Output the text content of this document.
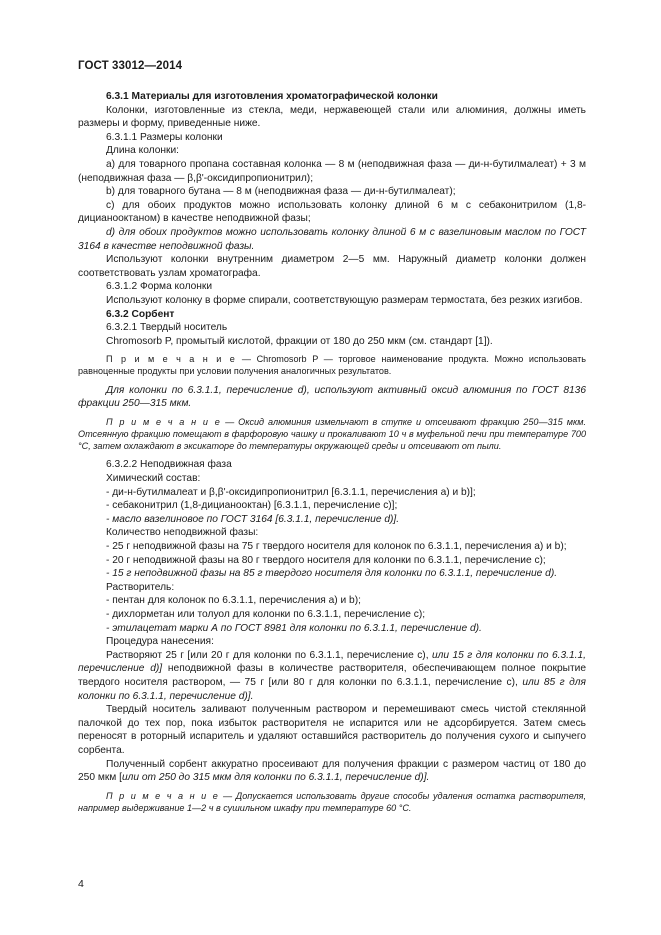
ГОСТ 33012—2014

6.3.1 Материалы для изготовления хроматографической колонки

Колонки, изготовленные из стекла, меди, нержавеющей стали или алюминия, должны иметь размеры и форму, приведенные ниже.

6.3.1.1 Размеры колонки

Длина колонки:

a) для товарного пропана составная колонка — 8 м (неподвижная фаза — ди-н-бутилмалеат) + 3 м (неподвижная фаза — β,β'-оксидипропионитрил);

b) для товарного бутана — 8 м (неподвижная фаза — ди-н-бутилмалеат);

c) для обоих продуктов можно использовать колонку длиной 6 м с себаконитрилом (1,8-дицианооктаном) в качестве неподвижной фазы;

d) для обоих продуктов можно использовать колонку длиной 6 м с вазелиновым маслом по ГОСТ 3164 в качестве неподвижной фазы.

Используют колонки внутренним диаметром 2—5 мм. Наружный диаметр колонки должен соответствовать узлам хроматографа.

6.3.1.2 Форма колонки

Используют колонку в форме спирали, соответствующую размерам термостата, без резких изгибов.

6.3.2 Сорбент

6.3.2.1 Твердый носитель

Chromosorb P, промытый кислотой, фракции от 180 до 250 мкм (см. стандарт [1]).

П р и м е ч а н и е — Chromosorb P — торговое наименование продукта. Можно использовать равноценные продукты при условии получения аналогичных результатов.

Для колонки по 6.3.1.1, перечисление d), используют активный оксид алюминия по ГОСТ 8136 фракции 250—315 мкм.

П р и м е ч а н и е — Оксид алюминия измельчают в ступке и отсеивают фракцию 250—315 мкм. Отсеянную фракцию помещают в фарфоровую чашку и прокаливают 10 ч в муфельной печи при температуре 700 °С, затем охлаждают в эксикаторе до температуры окружающей среды и отсеивают от пыли.

6.3.2.2 Неподвижная фаза

Химический состав:

- ди-н-бутилмалеат и β,β'-оксидипропионитрил [6.3.1.1, перечисления а) и b)];

- себаконитрил (1,8-дицианооктан) [6.3.1.1, перечисление с)];

- масло вазелиновое по ГОСТ 3164 [6.3.1.1, перечисление d)].

Количество неподвижной фазы:

- 25 г неподвижной фазы на 75 г твердого носителя для колонок по 6.3.1.1, перечисления а) и b);

- 20 г неподвижной фазы на 80 г твердого носителя для колонки по 6.3.1.1, перечисление с);

- 15 г неподвижной фазы на 85 г твердого носителя для колонки по 6.3.1.1, перечисление d).

Растворитель:

- пентан для колонок по 6.3.1.1, перечисления а) и b);

- дихлорметан или толуол для колонки по 6.3.1.1, перечисление с);

- этилацетат марки А по ГОСТ 8981 для колонки по 6.3.1.1, перечисление d).

Процедура нанесения:

Растворяют 25 г [или 20 г для колонки по 6.3.1.1, перечисление с), или 15 г для колонки по 6.3.1.1, перечисление d)] неподвижной фазы в количестве растворителя, обеспечивающем полное покрытие твердого носителя раствором, — 75 г [или 80 г для колонки по 6.3.1.1, перечисление с), или 85 г для колонки по 6.3.1.1, перечисление d)].

Твердый носитель заливают полученным раствором и перемешивают смесь чистой стеклянной палочкой до тех пор, пока избыток растворителя не испарится или не адсорбируется. Затем смесь переносят в роторный испаритель и удаляют оставшийся растворитель до получения сухого и сыпучего сорбента.

Полученный сорбент аккуратно просеивают для получения фракции с размером частиц от 180 до 250 мкм [или от 250 до 315 мкм для колонки по 6.3.1.1, перечисление d)].

П р и м е ч а н и е — Допускается использовать другие способы удаления остатка растворителя, например выдерживание 1—2 ч в сушильном шкафу при температуре 60 °С.

4
